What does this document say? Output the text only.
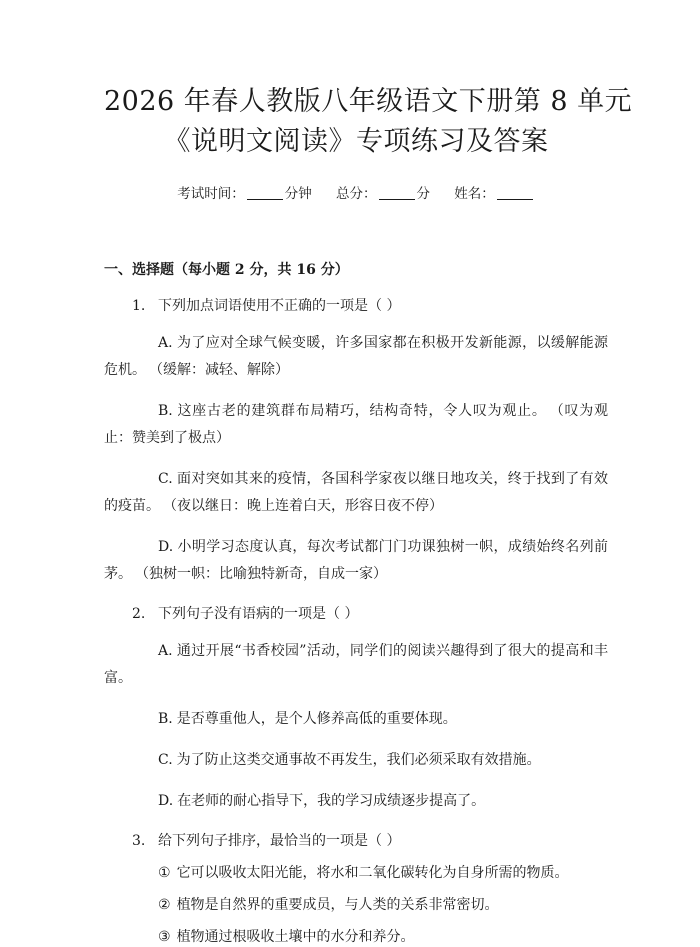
2026 年春人教版八年级语文下册第 8 单元
《说明文阅读》专项练习及答案
考试时间：	分钟 总分：	分 姓名：
一、选择题（每小题 2 分，共 16 分）
1. 下列加点词语使用不正确的一项是（ ）
A. 为了应对全球气候变暖，许多国家都在积极开发新能源，以缓解能源危机。 （缓解：减轻、解除）
B. 这座古老的建筑群布局精巧，结构奇特，令人叹为观止。 （叹为观止：赞美到了极点）
C. 面对突如其来的疫情，各国科学家夜以继日地攻关，终于找到了有效的疫苗。 （夜以继日：晚上连着白天，形容日夜不停）
D. 小明学习态度认真，每次考试都门门功课独树一帜，成绩始终名列前茅。 （独树一帜：比喻独特新奇，自成一家）
2. 下列句子没有语病的一项是（ ）
A. 通过开展“书香校园”活动，同学们的阅读兴趣得到了很大的提高和丰富。
B. 是否尊重他人，是个人修养高低的重要体现。
C. 为了防止这类交通事故不再发生，我们必须采取有效措施。
D. 在老师的耐心指导下，我的学习成绩逐步提高了。
3. 给下列句子排序，最恰当的一项是（ ）
① 它可以吸收太阳光能，将水和二氧化碳转化为自身所需的物质。
② 植物是自然界的重要成员，与人类的关系非常密切。
③ 植物通过根吸收土壤中的水分和养分。
